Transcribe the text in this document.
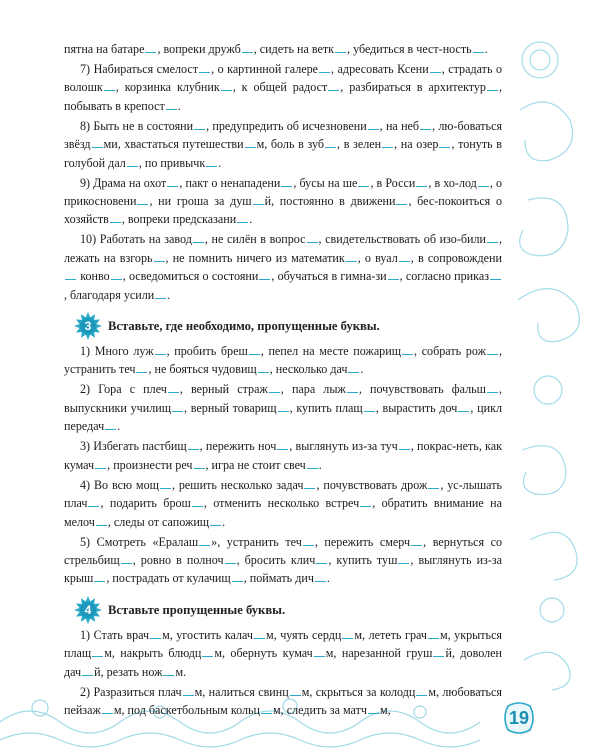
пятна на батаре , вопреки дружб , сидеть на ветк , убедиться в чест-ность .

7) Набираться смелост , о картинной галере , адресовать Ксени , страдать о волошк , корзинка клубник , к общей радост , разбираться в архитектур , побывать в крепост .

8) Быть не в состояни , предупредить об исчезновени , на неб , лю-боваться звёзд ми, хвастаться путешестви м, боль в зуб , в зелен , на озер , тонуть в голубой дал , по привычк .

9) Драма на охот , пакт о ненападени , бусы на ше , в Росси , в хо-лод , о прикосновени , ни гроша за душ й, постоянно в движени , бес-покоиться о хозяйств , вопреки предсказани .

10) Работать на завод , не силён в вопрос , свидетельствовать об изо-били , лежать на взгорь , не помнить ничего из математик , о вуал , в сопровождени конво , осведомиться о состояни , обучаться в гимна-зи , согласно приказ, благодаря усили .

3	Вставьте, где необходимо, пропущенные буквы.

1) Много луж , пробить бреш , пепел на месте пожарищ , собрать рож , устранить теч , не бояться чудовищ , несколько дач .

2) Гора с плеч , верный страж , пара лыж , почувствовать фальш , выпускники училищ , верный товарищ , купить плащ , вырастить доч , цикл передач .

3) Избегать пастбищ , пережить ноч , выглянуть из-за туч , покрас-неть, как кумач , произнести реч , игра не стоит свеч .

4) Во всю мощ , решить несколько задач , почувствовать дрож , ус-лышать плач , подарить брош , отменить несколько встреч , обратить внимание на мелоч , следы от сапожищ .

5) Смотреть «Ералаш », устранить теч , пережить смерч , вернуться со стрельбищ , ровно в полноч , бросить клич , купить туш , выглянуть из-за крыш , пострадать от кулачищ , поймать дич .

4	Вставьте пропущенные буквы.

1) Стать врач м, угостить калач м, чуять сердц м, лететь грач м, укрыться плащ м, накрыть блюдц м, обернуть кумач м, нарезанной груш й, доволен дач й, резать нож м.

2) Разразиться плач м, налиться свинц м, скрыться за колодц м, любоваться пейзаж м, под баскетбольным кольц м, следить за матч м,	19
